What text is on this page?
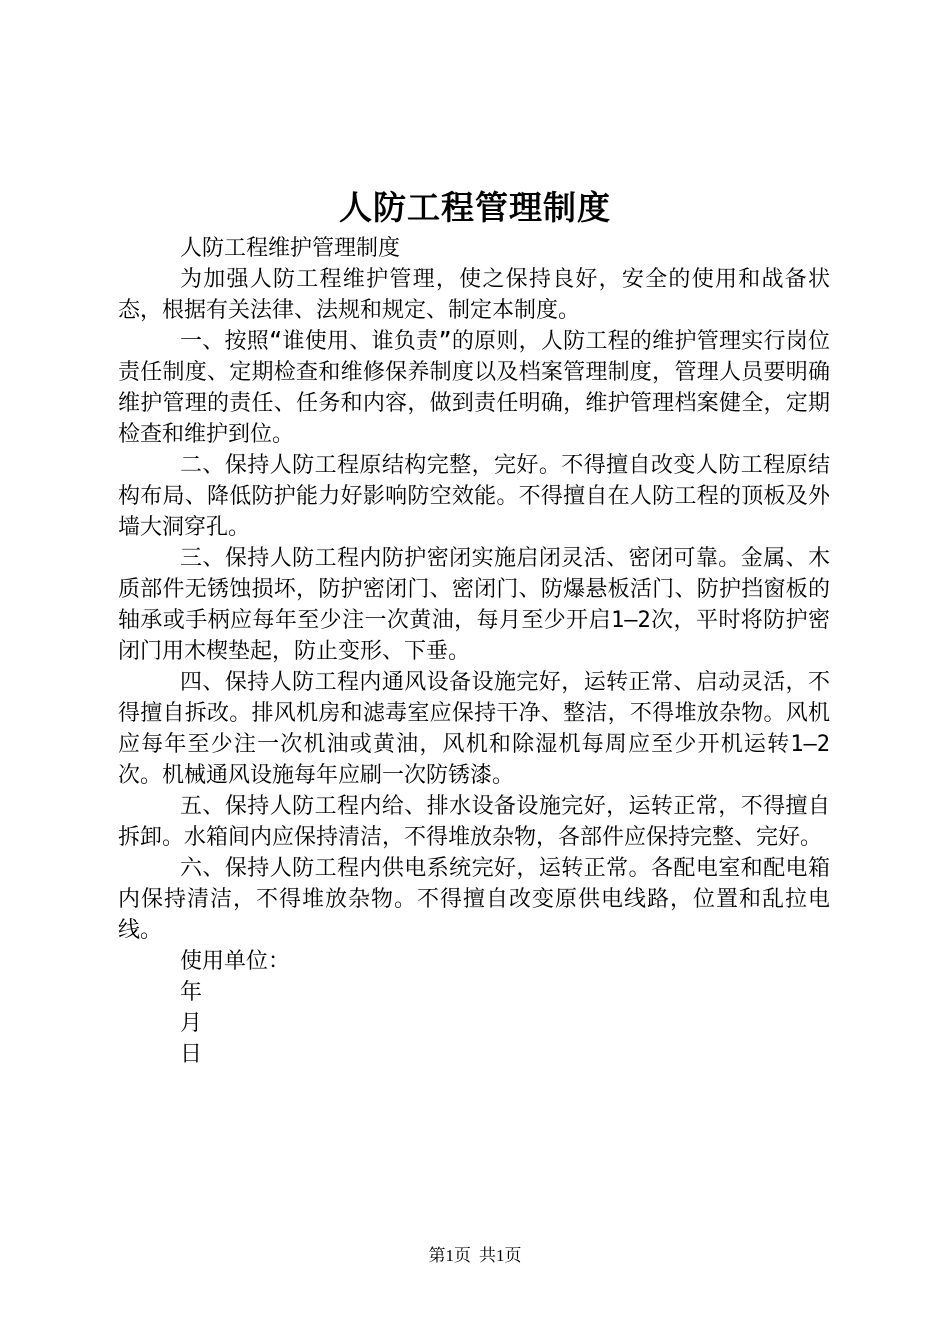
人防工程管理制度

人防工程维护管理制度

为加强人防工程维护管理，使之保持良好，安全的使用和战备状态，根据有关法律、法规和规定、制定本制度。

一、按照“谁使用、谁负责”的原则，人防工程的维护管理实行岗位责任制度、定期检查和维修保养制度以及档案管理制度，管理人员要明确维护管理的责任、任务和内容，做到责任明确，维护管理档案健全，定期检查和维护到位。

二、保持人防工程原结构完整，完好。不得擅自改变人防工程原结构布局、降低防护能力好影响防空效能。不得擅自在人防工程的顶板及外墙大洞穿孔。

三、保持人防工程内防护密闭实施启闭灵活、密闭可靠。金属、木质部件无锈蚀损坏，防护密闭门、密闭门、防爆悬板活门、防护挡窗板的轴承或手柄应每年至少注一次黄油，每月至少开启1—2次，平时将防护密闭门用木楔垫起，防止变形、下垂。

四、保持人防工程内通风设备设施完好，运转正常、启动灵活，不得擅自拆改。排风机房和滤毒室应保持干净、整洁，不得堆放杂物。风机应每年至少注一次机油或黄油，风机和除湿机每周应至少开机运转1—2次。机械通风设施每年应刷一次防锈漆。

五、保持人防工程内给、排水设备设施完好，运转正常，不得擅自拆卸。水箱间内应保持清洁，不得堆放杂物，各部件应保持完整、完好。

六、保持人防工程内供电系统完好，运转正常。各配电室和配电箱内保持清洁，不得堆放杂物。不得擅自改变原供电线路，位置和乱拉电线。

使用单位：

年

月

日

第1页 共1页
